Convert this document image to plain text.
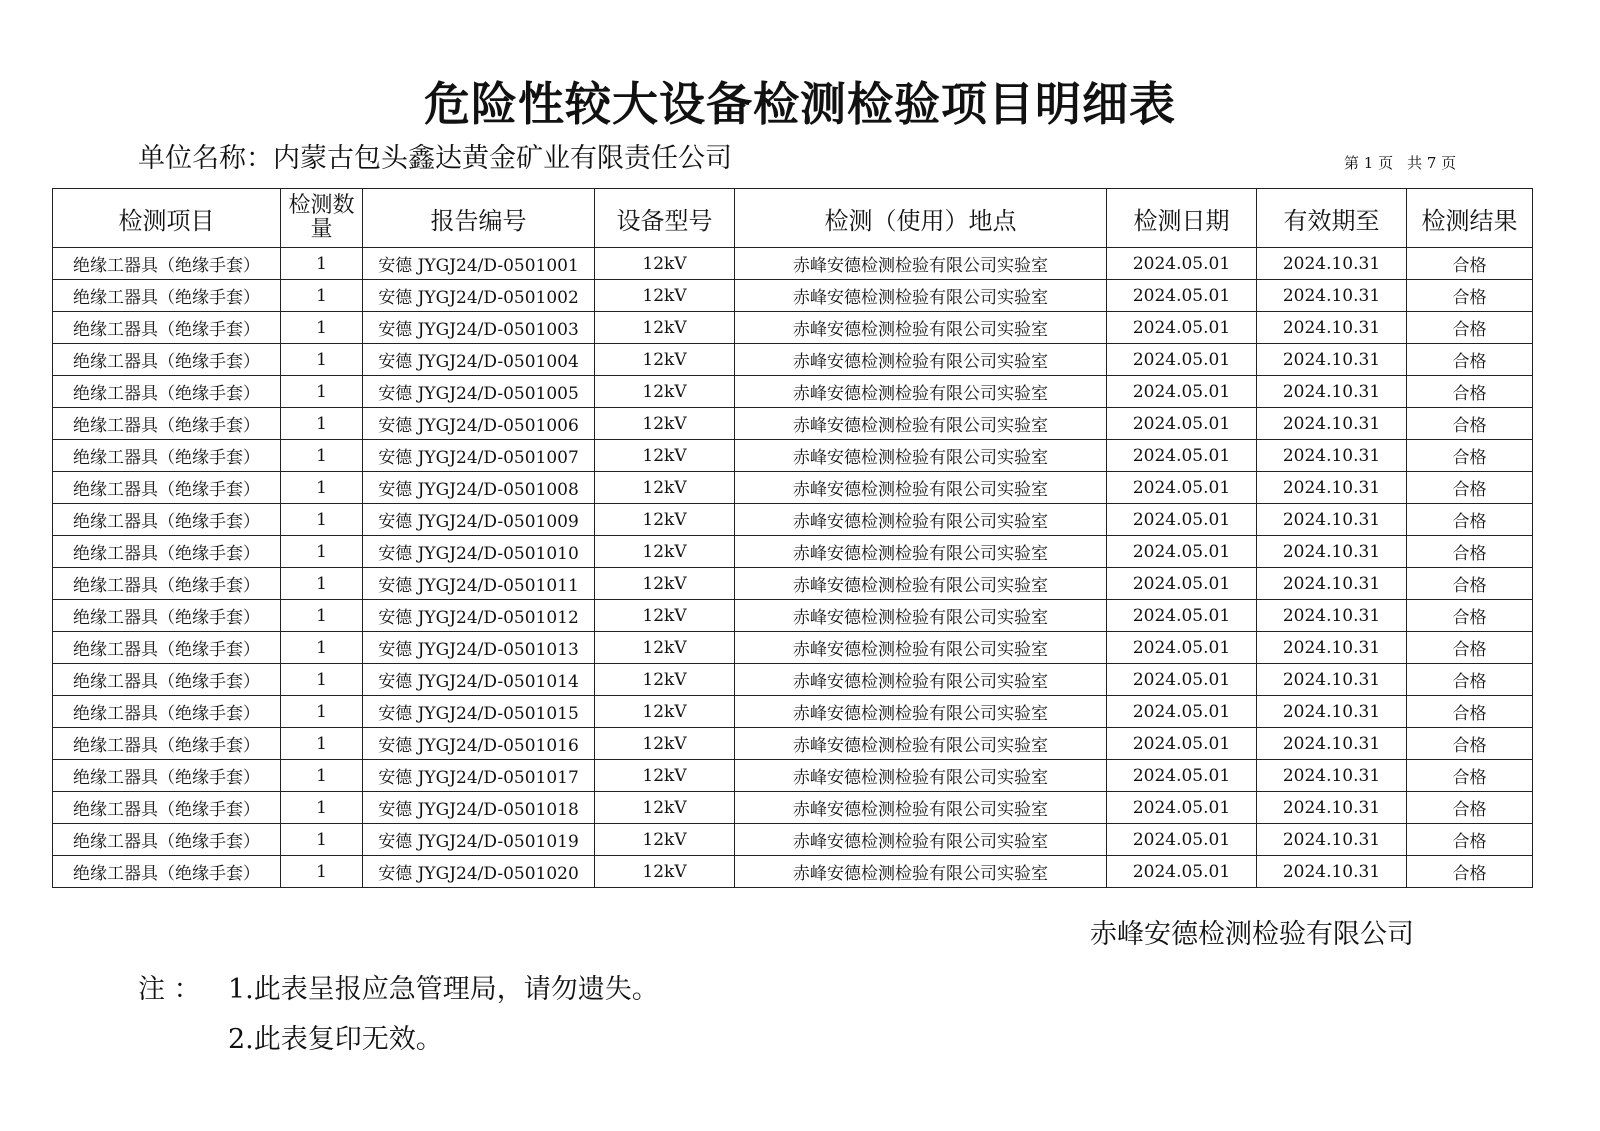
危险性较大设备检测检验项目明细表
单位名称：内蒙古包头鑫达黄金矿业有限责任公司	第 1 页 共 7 页
检测项目	检测数量	报告编号	设备型号	检测（使用）地点	检测日期	有效期至	检测结果
绝缘工器具（绝缘手套）	1	安德 JYGJ24/D-0501001	12kV	赤峰安德检测检验有限公司实验室	2024.05.01	2024.10.31	合格
绝缘工器具（绝缘手套）	1	安德 JYGJ24/D-0501002	12kV	赤峰安德检测检验有限公司实验室	2024.05.01	2024.10.31	合格
绝缘工器具（绝缘手套）	1	安德 JYGJ24/D-0501003	12kV	赤峰安德检测检验有限公司实验室	2024.05.01	2024.10.31	合格
绝缘工器具（绝缘手套）	1	安德 JYGJ24/D-0501004	12kV	赤峰安德检测检验有限公司实验室	2024.05.01	2024.10.31	合格
绝缘工器具（绝缘手套）	1	安德 JYGJ24/D-0501005	12kV	赤峰安德检测检验有限公司实验室	2024.05.01	2024.10.31	合格
绝缘工器具（绝缘手套）	1	安德 JYGJ24/D-0501006	12kV	赤峰安德检测检验有限公司实验室	2024.05.01	2024.10.31	合格
绝缘工器具（绝缘手套）	1	安德 JYGJ24/D-0501007	12kV	赤峰安德检测检验有限公司实验室	2024.05.01	2024.10.31	合格
绝缘工器具（绝缘手套）	1	安德 JYGJ24/D-0501008	12kV	赤峰安德检测检验有限公司实验室	2024.05.01	2024.10.31	合格
绝缘工器具（绝缘手套）	1	安德 JYGJ24/D-0501009	12kV	赤峰安德检测检验有限公司实验室	2024.05.01	2024.10.31	合格
绝缘工器具（绝缘手套）	1	安德 JYGJ24/D-0501010	12kV	赤峰安德检测检验有限公司实验室	2024.05.01	2024.10.31	合格
绝缘工器具（绝缘手套）	1	安德 JYGJ24/D-0501011	12kV	赤峰安德检测检验有限公司实验室	2024.05.01	2024.10.31	合格
绝缘工器具（绝缘手套）	1	安德 JYGJ24/D-0501012	12kV	赤峰安德检测检验有限公司实验室	2024.05.01	2024.10.31	合格
绝缘工器具（绝缘手套）	1	安德 JYGJ24/D-0501013	12kV	赤峰安德检测检验有限公司实验室	2024.05.01	2024.10.31	合格
绝缘工器具（绝缘手套）	1	安德 JYGJ24/D-0501014	12kV	赤峰安德检测检验有限公司实验室	2024.05.01	2024.10.31	合格
绝缘工器具（绝缘手套）	1	安德 JYGJ24/D-0501015	12kV	赤峰安德检测检验有限公司实验室	2024.05.01	2024.10.31	合格
绝缘工器具（绝缘手套）	1	安德 JYGJ24/D-0501016	12kV	赤峰安德检测检验有限公司实验室	2024.05.01	2024.10.31	合格
绝缘工器具（绝缘手套）	1	安德 JYGJ24/D-0501017	12kV	赤峰安德检测检验有限公司实验室	2024.05.01	2024.10.31	合格
绝缘工器具（绝缘手套）	1	安德 JYGJ24/D-0501018	12kV	赤峰安德检测检验有限公司实验室	2024.05.01	2024.10.31	合格
绝缘工器具（绝缘手套）	1	安德 JYGJ24/D-0501019	12kV	赤峰安德检测检验有限公司实验室	2024.05.01	2024.10.31	合格
绝缘工器具（绝缘手套）	1	安德 JYGJ24/D-0501020	12kV	赤峰安德检测检验有限公司实验室	2024.05.01	2024.10.31	合格
赤峰安德检测检验有限公司
注 ： 1.此表呈报应急管理局，请勿遗失。
2.此表复印无效。
